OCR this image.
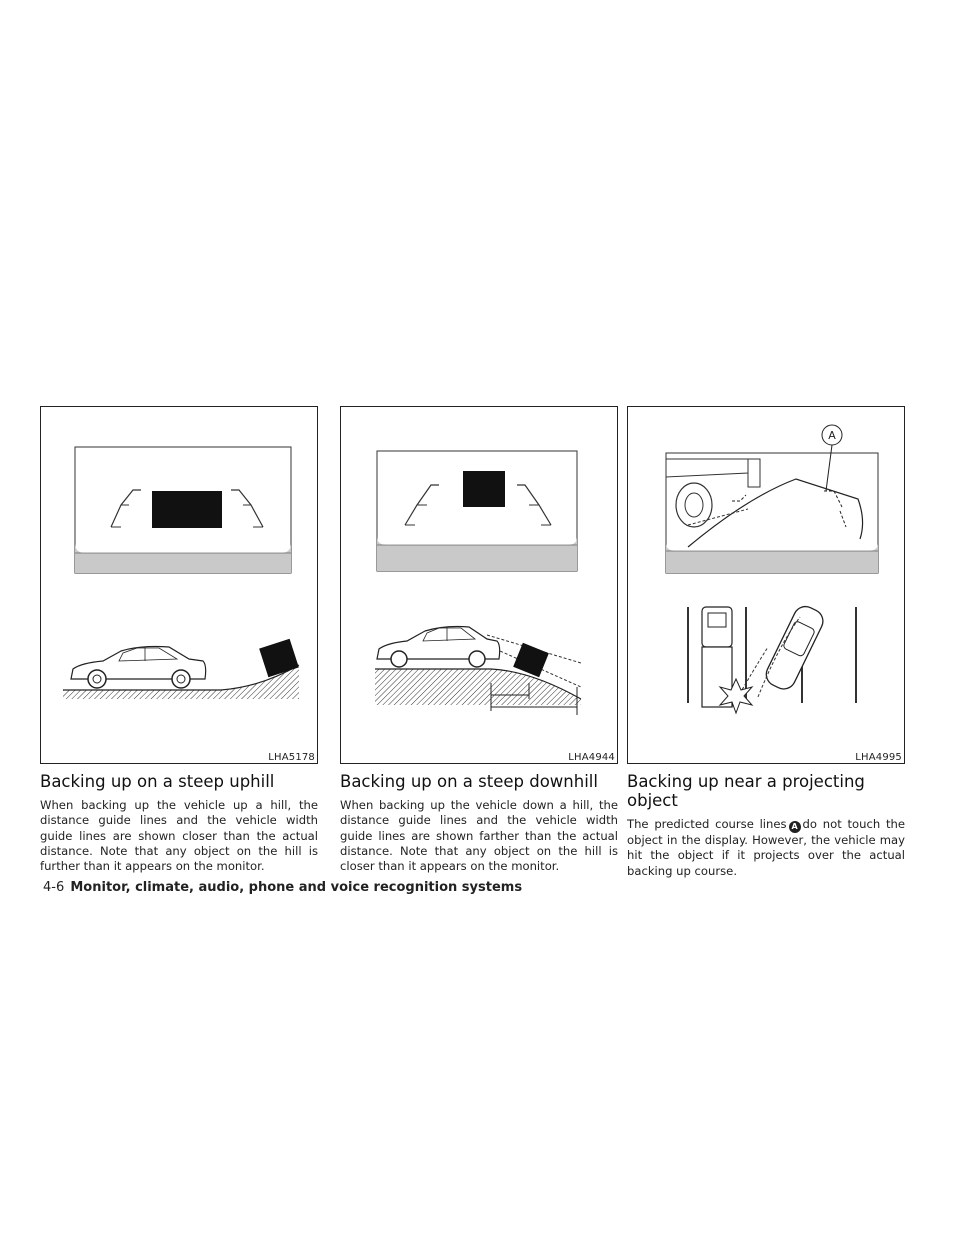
LHA5178
Backing up on a steep uphill

When backing up the vehicle up a hill, the distance guide lines and the vehicle width guide lines are shown closer than the actual distance. Note that any object on the hill is further than it appears on the monitor.

LHA4944
Backing up on a steep downhill

When backing up the vehicle down a hill, the distance guide lines and the vehicle width guide lines are shown farther than the actual distance. Note that any object on the hill is closer than it appears on the monitor.

A
LHA4995
Backing up near a projecting object

The predicted course lines A do not touch the object in the display. However, the vehicle may hit the object if it projects over the actual backing up course.

4-6 Monitor, climate, audio, phone and voice recognition systems
